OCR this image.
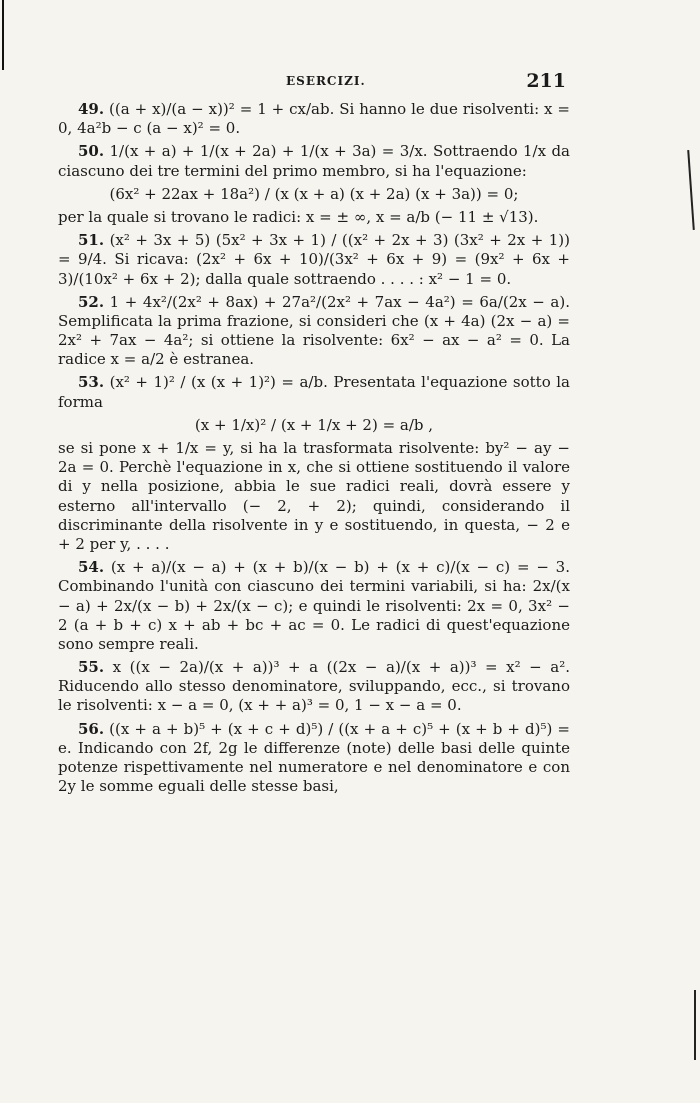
ESERCIZI.	211

49. ((a + x)/(a − x))² = 1 + cx/ab. Si hanno le due risolventi: x = 0, 4a²b − c (a − x)² = 0.

50. 1/(x + a) + 1/(x + 2a) + 1/(x + 3a) = 3/x. Sottraendo 1/x da ciascuno dei tre termini del primo membro, si ha l'equazione:

(6x² + 22ax + 18a²) / (x (x + a) (x + 2a) (x + 3a)) = 0;

per la quale si trovano le radici: x = ± ∞, x = a/b (− 11 ± √13).

51. (x² + 3x + 5) (5x² + 3x + 1) / ((x² + 2x + 3) (3x² + 2x + 1)) = 9/4. Si ricava: (2x² + 6x + 10)/(3x² + 6x + 9) = (9x² + 6x + 3)/(10x² + 6x + 2); dalla quale sottraendo . . . . : x² − 1 = 0.

52. 1 + 4x²/(2x² + 8ax) + 27a²/(2x² + 7ax − 4a²) = 6a/(2x − a). Semplificata la prima frazione, si consideri che (x + 4a) (2x − a) = 2x² + 7ax − 4a²; si ottiene la risolvente: 6x² − ax − a² = 0. La radice x = a/2 è estranea.

53. (x² + 1)² / (x (x + 1)²) = a/b. Presentata l'equazione sotto la forma

(x + 1/x)² / (x + 1/x + 2) = a/b ,

se si pone x + 1/x = y, si ha la trasformata risolvente: by² − ay − 2a = 0. Perchè l'equazione in x, che si ottiene sostituendo il valore di y nella posizione, abbia le sue radici reali, dovrà essere y esterno all'intervallo (− 2, + 2); quindi, considerando il discriminante della risolvente in y e sostituendo, in questa, − 2 e + 2 per y, . . . .

54. (x + a)/(x − a) + (x + b)/(x − b) + (x + c)/(x − c) = − 3. Combinando l'unità con ciascuno dei termini variabili, si ha: 2x/(x − a) + 2x/(x − b) + 2x/(x − c); e quindi le risolventi: 2x = 0, 3x² − 2 (a + b + c) x + ab + bc + ac = 0. Le radici di quest'equazione sono sempre reali.

55. x ((x − 2a)/(x + a))³ + a ((2x − a)/(x + a))³ = x² − a². Riducendo allo stesso denominatore, sviluppando, ecc., si trovano le risolventi: x − a = 0, (x + + a)³ = 0, 1 − x − a = 0.

56. ((x + a + b)⁵ + (x + c + d)⁵) / ((x + a + c)⁵ + (x + b + d)⁵) = e. Indicando con 2f, 2g le differenze (note) delle basi delle quinte potenze rispettivamente nel numeratore e nel denominatore e con 2y le somme eguali delle stesse basi,
